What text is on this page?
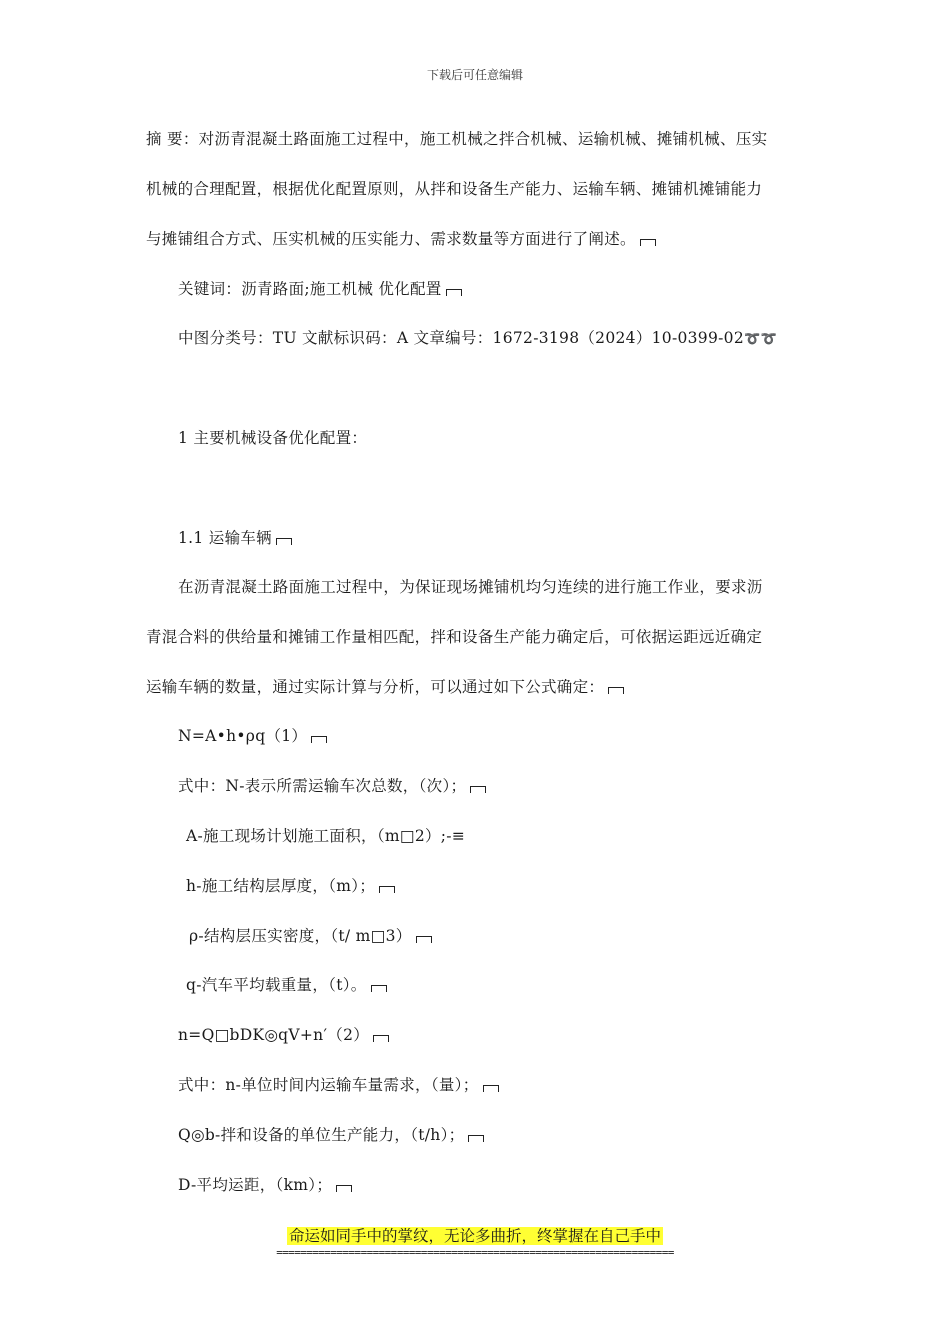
下载后可任意编辑
摘 要：对沥青混凝土路面施工过程中，施工机械之拌合机械、运输机械、摊铺机械、压实
机械的合理配置，根据优化配置原则，从拌和设备生产能力、运输车辆、摊铺机摊铺能力
与摊铺组合方式、压实机械的压实能力、需求数量等方面进行了阐述。
关键词：沥青路面;施工机械 优化配置
中图分类号：TU 文献标识码：A 文章编号：1672-3198（2024）10-0399-02➰➰
1 主要机械设备优化配置：
1.1 运输车辆
在沥青混凝土路面施工过程中，为保证现场摊铺机均匀连续的进行施工作业，要求沥
青混合料的供给量和摊铺工作量相匹配，拌和设备生产能力确定后，可依据运距远近确定
运输车辆的数量，通过实际计算与分析，可以通过如下公式确定：
N=A•h•ρq（1）
式中：N-表示所需运输车次总数，（次）；
A-施工现场计划施工面积，（m□2）;-≡
h-施工结构层厚度，（m）；
ρ-结构层压实密度，（t/ m□3）
q-汽车平均载重量，（t）。
n=Q□bDK◎qV+n′（2）
式中：n-单位时间内运输车量需求，（量）；
Q◎b-拌和设备的单位生产能力，（t/h）；
D-平均运距，（km）；
命运如同手中的掌纹，无论多曲折，终掌握在自己手中
==================================================================
